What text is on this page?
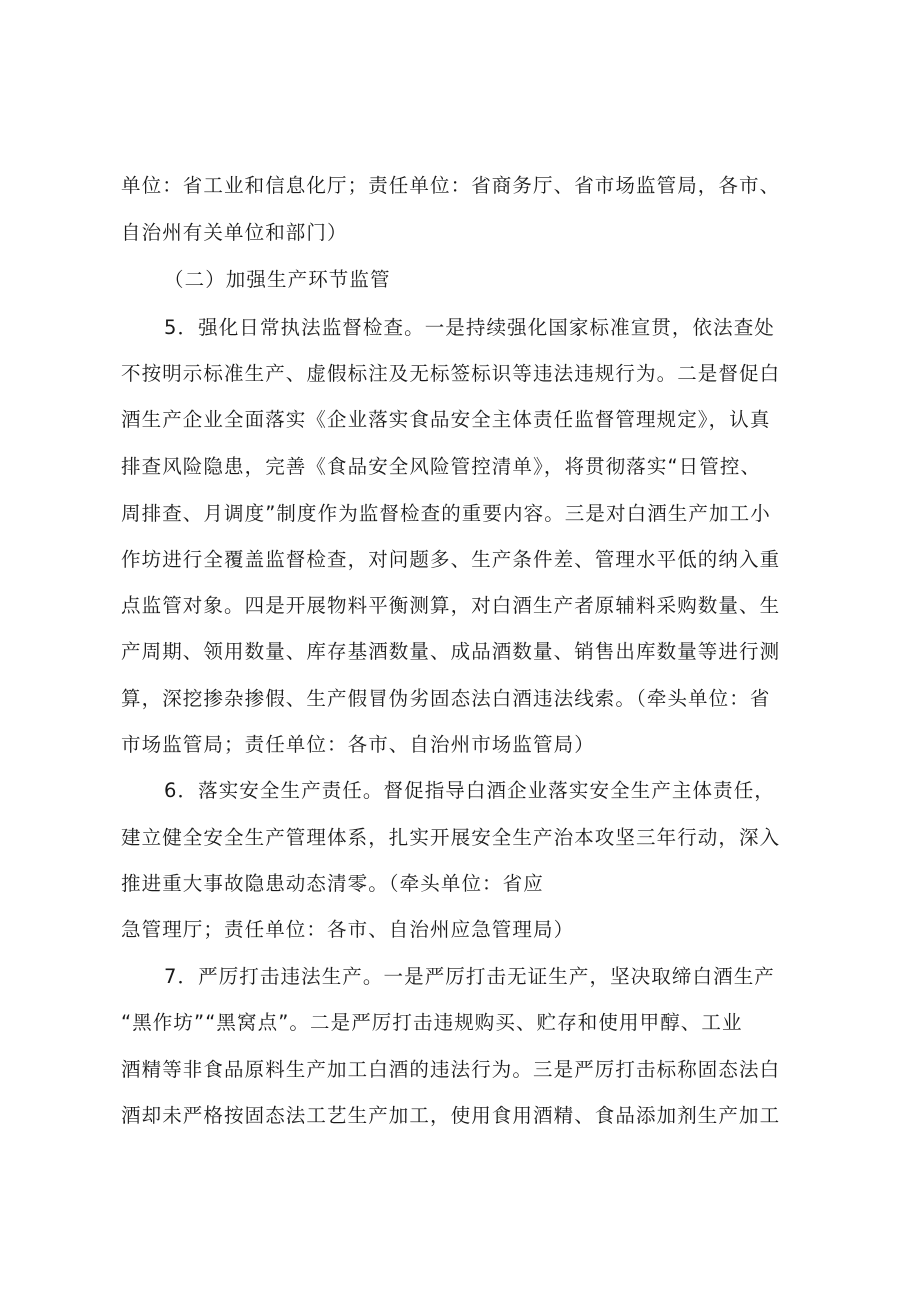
单位：省工业和信息化厅；责任单位：省商务厅、省市场监管局，各市、
自治州有关单位和部门）
（二）加强生产环节监管
5．强化日常执法监督检查。一是持续强化国家标准宣贯，依法查处
不按明示标准生产、虚假标注及无标签标识等违法违规行为。二是督促白
酒生产企业全面落实《企业落实食品安全主体责任监督管理规定》，认真
排查风险隐患，完善《食品安全风险管控清单》，将贯彻落实“日管控、
周排查、月调度”制度作为监督检查的重要内容。三是对白酒生产加工小
作坊进行全覆盖监督检查，对问题多、生产条件差、管理水平低的纳入重
点监管对象。四是开展物料平衡测算，对白酒生产者原辅料采购数量、生
产周期、领用数量、库存基酒数量、成品酒数量、销售出库数量等进行测
算，深挖掺杂掺假、生产假冒伪劣固态法白酒违法线索。（牵头单位：省
市场监管局；责任单位：各市、自治州市场监管局）
6．落实安全生产责任。督促指导白酒企业落实安全生产主体责任，
建立健全安全生产管理体系，扎实开展安全生产治本攻坚三年行动，深入
推进重大事故隐患动态清零。（牵头单位：省应
急管理厅；责任单位：各市、自治州应急管理局）
7．严厉打击违法生产。一是严厉打击无证生产，坚决取缔白酒生产
“黑作坊”“黑窝点”。二是严厉打击违规购买、贮存和使用甲醇、工业
酒精等非食品原料生产加工白酒的违法行为。三是严厉打击标称固态法白
酒却未严格按固态法工艺生产加工，使用食用酒精、食品添加剂生产加工
